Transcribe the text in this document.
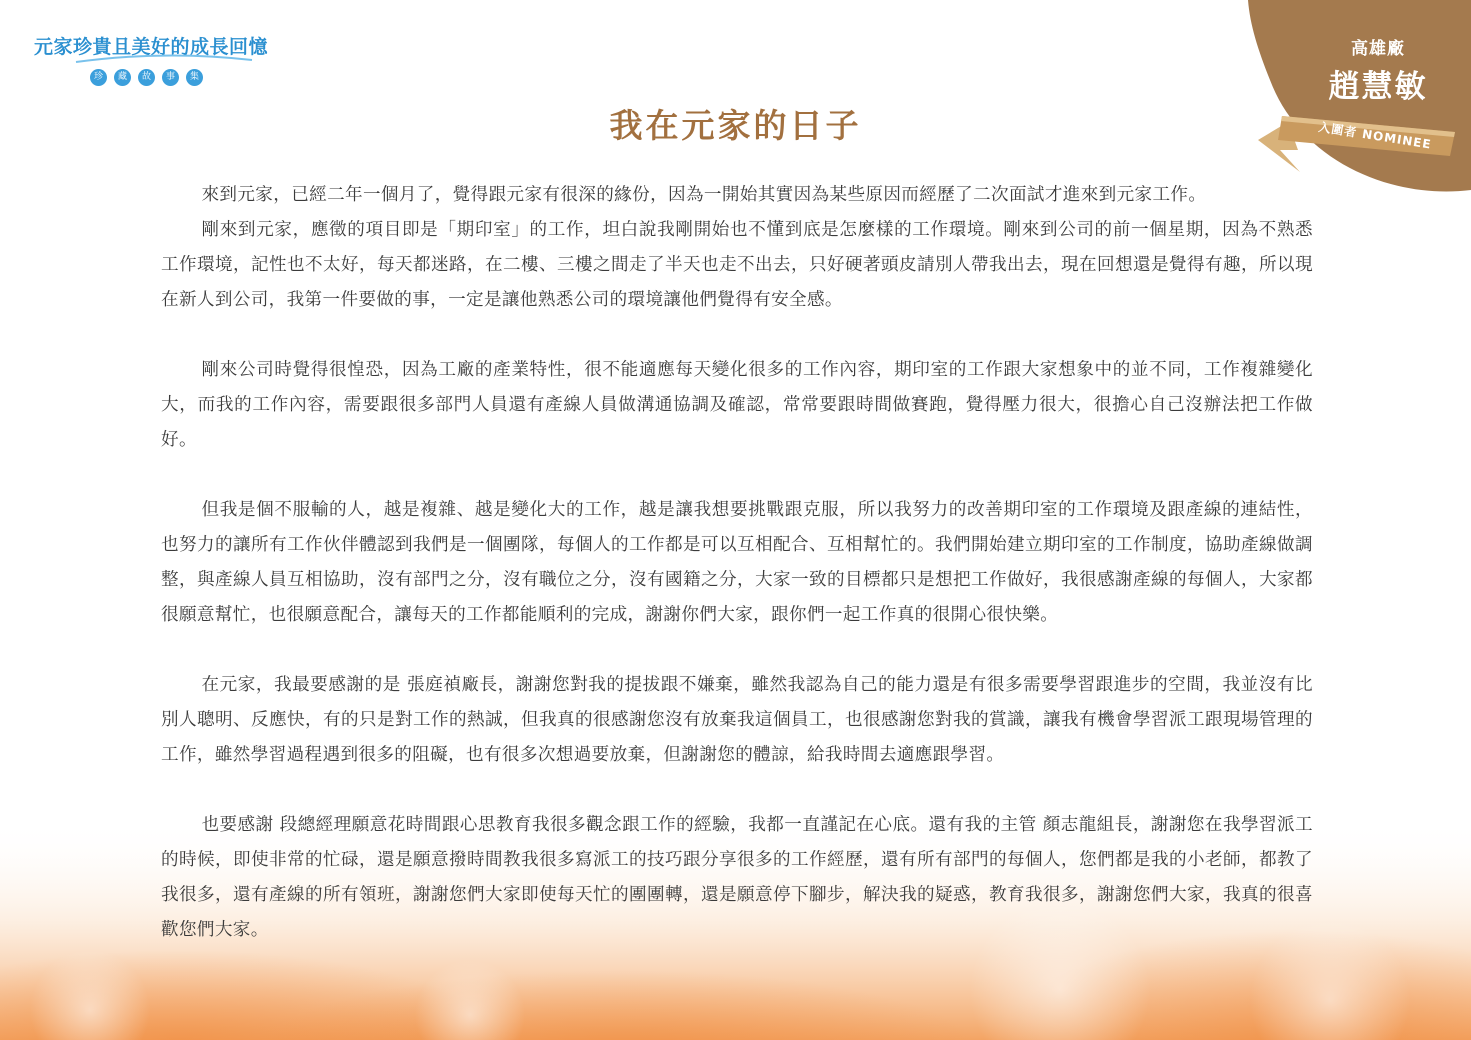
元家珍貴且美好的成長回憶
珍	藏	故	事	集
高雄廠
趙慧敏
入圍者 NOMINEE
我在元家的日子

來到元家，已經二年一個月了，覺得跟元家有很深的緣份，因為一開始其實因為某些原因而經歷了二次面試才進來到元家工作。

剛來到元家，應徵的項目即是「期印室」的工作，坦白說我剛開始也不懂到底是怎麼樣的工作環境。剛來到公司的前一個星期，因為不熟悉工作環境，記性也不太好，每天都迷路，在二樓、三樓之間走了半天也走不出去，只好硬著頭皮請別人帶我出去，現在回想還是覺得有趣，所以現在新人到公司，我第一件要做的事，一定是讓他熟悉公司的環境讓他們覺得有安全感。

剛來公司時覺得很惶恐，因為工廠的產業特性，很不能適應每天變化很多的工作內容，期印室的工作跟大家想象中的並不同，工作複雜變化大，而我的工作內容，需要跟很多部門人員還有產線人員做溝通協調及確認，常常要跟時間做賽跑，覺得壓力很大，很擔心自己沒辦法把工作做好。

但我是個不服輸的人，越是複雜、越是變化大的工作，越是讓我想要挑戰跟克服，所以我努力的改善期印室的工作環境及跟產線的連結性，也努力的讓所有工作伙伴體認到我們是一個團隊，每個人的工作都是可以互相配合、互相幫忙的。我們開始建立期印室的工作制度，協助產線做調整，與產線人員互相協助，沒有部門之分，沒有職位之分，沒有國籍之分，大家一致的目標都只是想把工作做好，我很感謝產線的每個人，大家都很願意幫忙，也很願意配合，讓每天的工作都能順利的完成，謝謝你們大家，跟你們一起工作真的很開心很快樂。

在元家，我最要感謝的是 張庭禎廠長，謝謝您對我的提拔跟不嫌棄，雖然我認為自己的能力還是有很多需要學習跟進步的空間，我並沒有比別人聰明、反應快，有的只是對工作的熱誠，但我真的很感謝您沒有放棄我這個員工，也很感謝您對我的賞識，讓我有機會學習派工跟現場管理的工作，雖然學習過程遇到很多的阻礙，也有很多次想過要放棄，但謝謝您的體諒，給我時間去適應跟學習。

也要感謝 段總經理願意花時間跟心思教育我很多觀念跟工作的經驗，我都一直謹記在心底。還有我的主管 顏志龍組長，謝謝您在我學習派工的時候，即使非常的忙碌，還是願意撥時間教我很多寫派工的技巧跟分享很多的工作經歷，還有所有部門的每個人，您們都是我的小老師，都教了我很多，還有產線的所有領班，謝謝您們大家即使每天忙的團團轉，還是願意停下腳步，解決我的疑惑，教育我很多，謝謝您們大家，我真的很喜歡您們大家。
